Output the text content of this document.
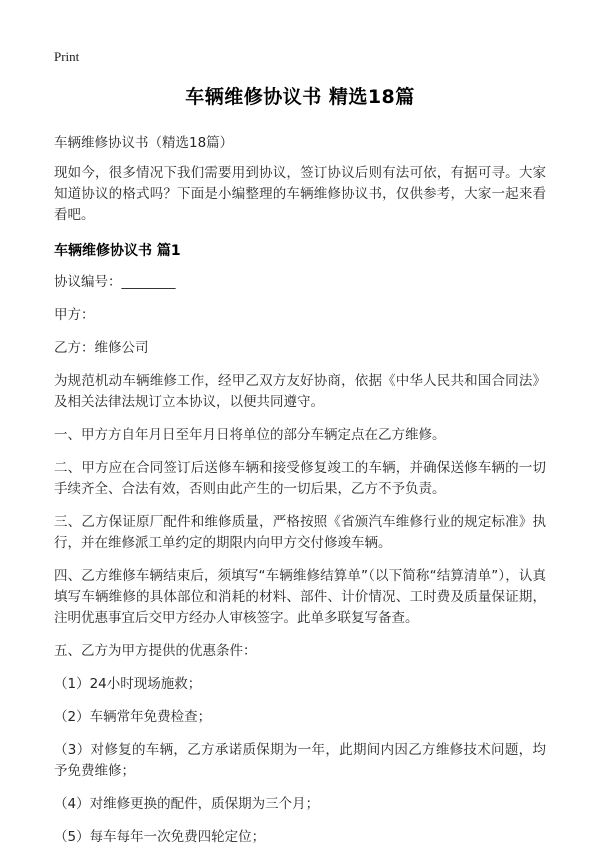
Print
车辆维修协议书 精选18篇

车辆维修协议书（精选18篇）

现如今，很多情况下我们需要用到协议，签订协议后则有法可依，有据可寻。大家知道协议的格式吗？下面是小编整理的车辆维修协议书，仅供参考，大家一起来看看吧。

车辆维修协议书 篇1

协议编号：________

甲方：

乙方：维修公司

为规范机动车辆维修工作，经甲乙双方友好协商，依据《中华人民共和国合同法》及相关法律法规订立本协议，以便共同遵守。

一、甲方方自年月日至年月日将单位的部分车辆定点在乙方维修。

二、甲方应在合同签订后送修车辆和接受修复竣工的车辆，并确保送修车辆的一切手续齐全、合法有效，否则由此产生的一切后果，乙方不予负责。

三、乙方保证原厂配件和维修质量，严格按照《省颁汽车维修行业的规定标准》执行，并在维修派工单约定的期限内向甲方交付修竣车辆。

四、乙方维修车辆结束后，须填写“车辆维修结算单”（以下简称“结算清单”），认真填写车辆维修的具体部位和消耗的材料、部件、计价情况、工时费及质量保证期，注明优惠事宜后交甲方经办人审核签字。此单多联复写备查。

五、乙方为甲方提供的优惠条件：

（1）24小时现场施救；

（2）车辆常年免费检查；

（3）对修复的车辆，乙方承诺质保期为一年，此期间内因乙方维修技术问题，均予免费维修；

（4）对维修更换的配件，质保期为三个月；

（5）每车每年一次免费四轮定位；
